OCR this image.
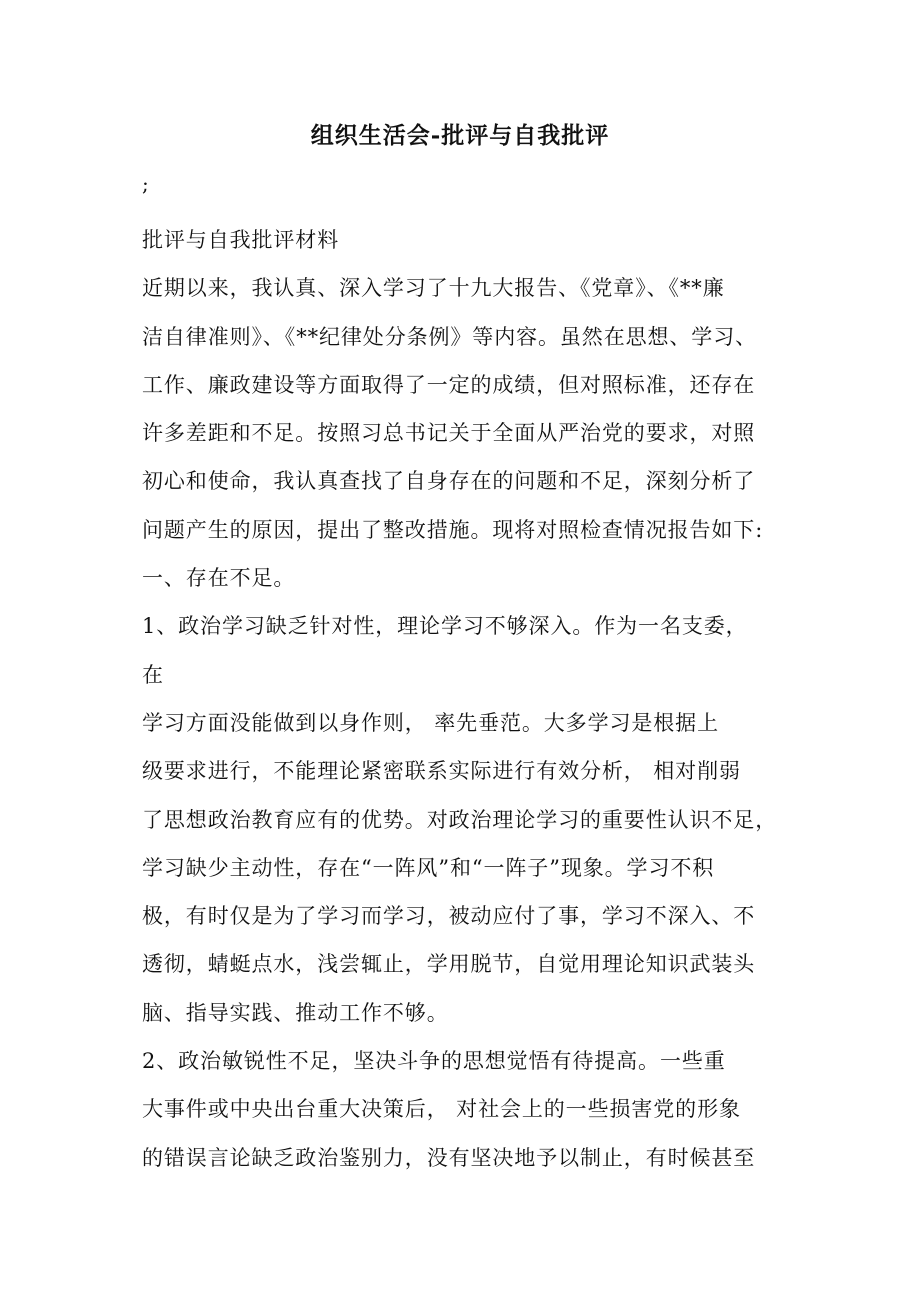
组织生活会-批评与自我批评
;

批评与自我批评材料

近期以来，我认真、深入学习了十九大报告、《党章》、《**廉
洁自律准则》、《**纪律处分条例》等内容。虽然在思想、学习、
工作、廉政建设等方面取得了一定的成绩，但对照标准，还存在
许多差距和不足。按照习总书记关于全面从严治党的要求，对照
初心和使命，我认真查找了自身存在的问题和不足，深刻分析了
问题产生的原因，提出了整改措施。现将对照检查情况报告如下:

一、存在不足。

1、政治学习缺乏针对性，理论学习不够深入。作为一名支委，
在

学习方面没能做到以身作则， 率先垂范。大多学习是根据上
级要求进行，不能理论紧密联系实际进行有效分析， 相对削弱
了思想政治教育应有的优势。对政治理论学习的重要性认识不足，
学习缺少主动性，存在“一阵风”和“一阵子”现象。学习不积
极，有时仅是为了学习而学习，被动应付了事，学习不深入、不
透彻，蜻蜓点水，浅尝辄止，学用脱节，自觉用理论知识武装头
脑、指导实践、推动工作不够。

2、政治敏锐性不足，坚决斗争的思想觉悟有待提高。一些重
大事件或中央出台重大决策后， 对社会上的一些损害党的形象
的错误言论缺乏政治鉴别力，没有坚决地予以制止，有时候甚至
